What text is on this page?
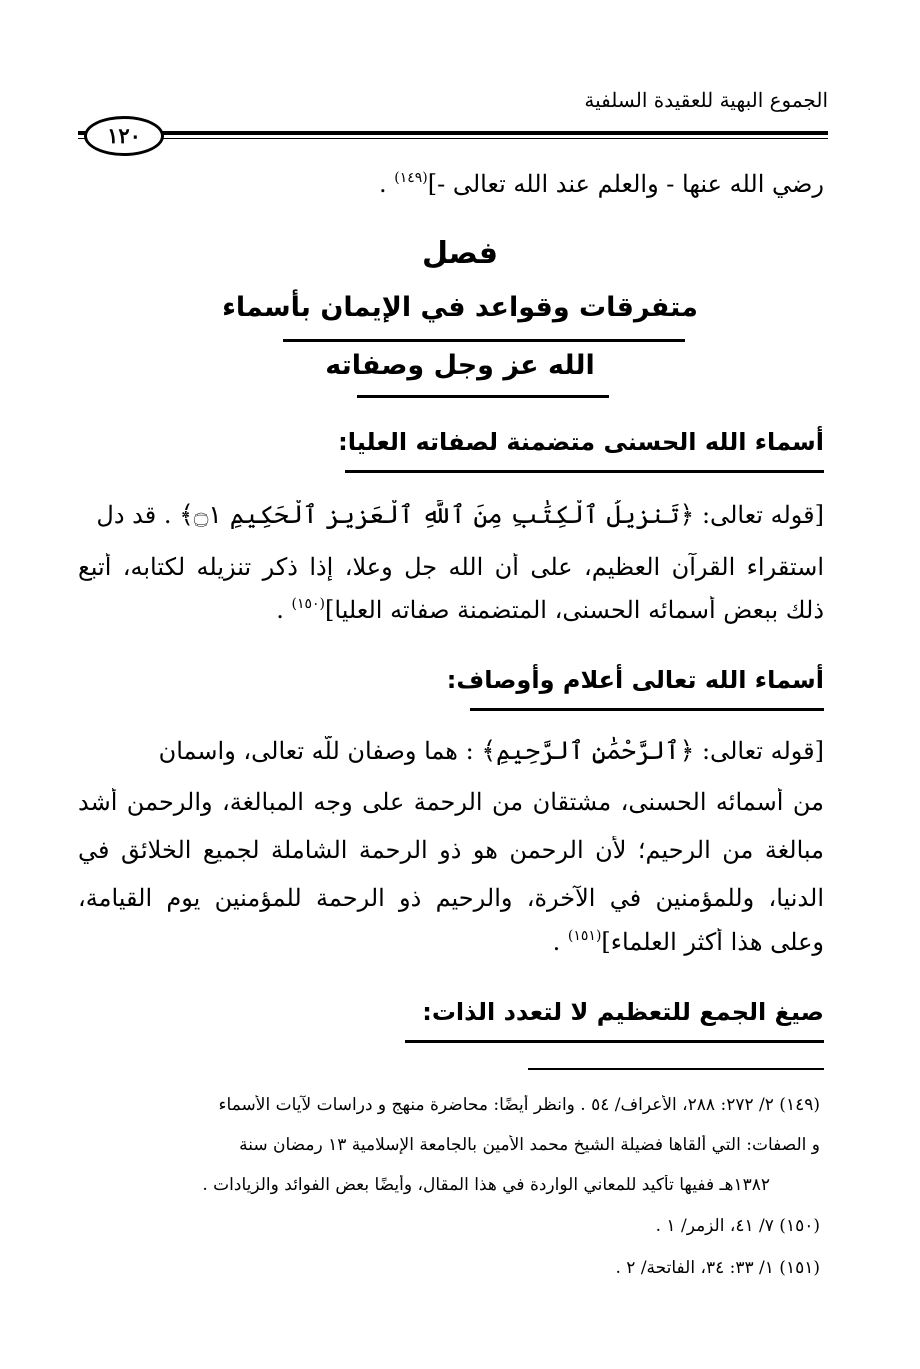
الجموع البهية للعقيدة السلفية
١٢٠
رضي الله عنها - والعلم عند الله تعالى -]$^{(١٤٩)}$ .
فصل
متفرقات وقواعد في الإيمان بأسماء
الله عز وجل وصفاته
أسماء الله الحسنى متضمنة لصفاته العليا:
[قوله تعالى: ﴿تَنزِيلُ ٱلْكِتَٰبِ مِنَ ٱللَّهِ ٱلْعَزِيزِ ٱلْحَكِيمِ ۝١﴾ . قد دل
استقراء القرآن العظيم، على أن الله جل وعلا، إذا ذكر تنزيله لكتابه، أتبع
ذلك ببعض أسمائه الحسنى، المتضمنة صفاته العليا]$^{(١٥٠)}$ .
أسماء الله تعالى أعلام وأوصاف:
[قوله تعالى: ﴿ٱلرَّحْمَٰنِ ٱلرَّحِيمِ﴾ : هما وصفان للّه تعالى، واسمان
من أسمائه الحسنى، مشتقان من الرحمة على وجه المبالغة، والرحمن أشد
مبالغة من الرحيم؛ لأن الرحمن هو ذو الرحمة الشاملة لجميع الخلائق في
الدنيا، وللمؤمنين في الآخرة، والرحيم ذو الرحمة للمؤمنين يوم القيامة،
وعلى هذا أكثر العلماء]$^{(١٥١)}$ .
صيغ الجمع للتعظيم لا لتعدد الذات:
(١٤٩) ٢/ ٢٧٢: ٢٨٨، الأعراف/ ٥٤ . وانظر أيضًا: محاضرة منهج و دراسات لآيات الأسماء
و الصفات: التي ألقاها فضيلة الشيخ محمد الأمين بالجامعة الإسلامية ١٣ رمضان سنة
١٣٨٢هـ ففيها تأكيد للمعاني الواردة في هذا المقال، وأيضًا بعض الفوائد والزيادات .
(١٥٠) ٧/ ٤١، الزمر/ ١ .
(١٥١) ١/ ٣٣: ٣٤، الفاتحة/ ٢ .
